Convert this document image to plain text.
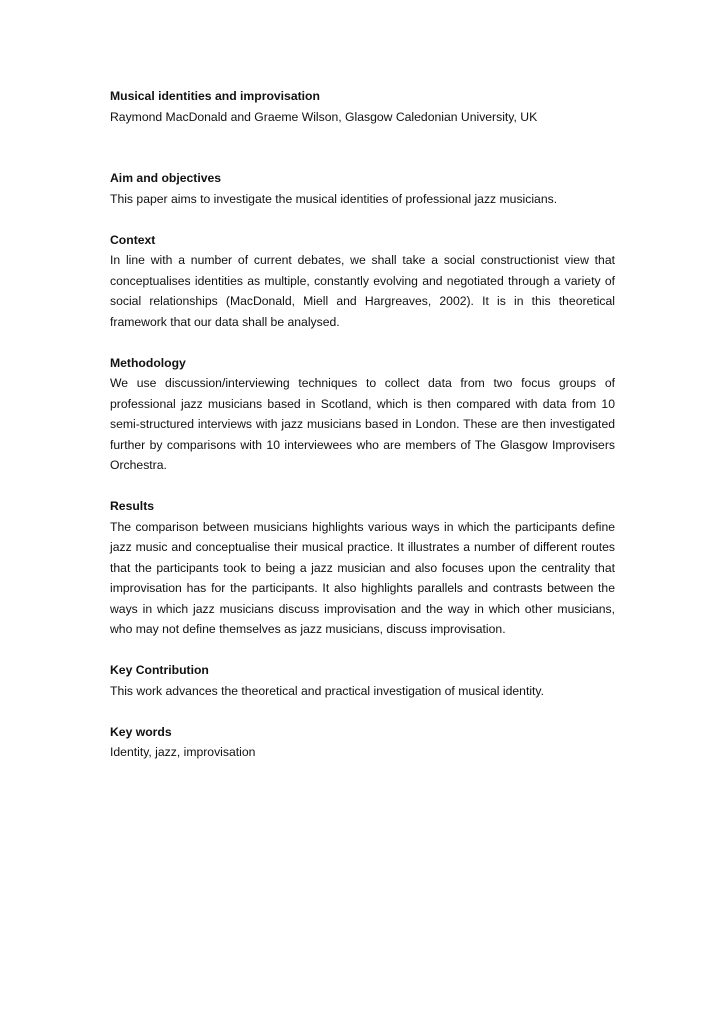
Musical identities and improvisation

Raymond MacDonald and Graeme Wilson, Glasgow Caledonian University, UK

Aim and objectives

This paper aims to investigate the musical identities of professional jazz musicians.

Context

In line with a number of current debates, we shall take a social constructionist view that conceptualises identities as multiple, constantly evolving and negotiated through a variety of social relationships (MacDonald, Miell and Hargreaves, 2002). It is in this theoretical framework that our data shall be analysed.

Methodology

We use discussion/interviewing techniques to collect data from two focus groups of professional jazz musicians based in Scotland, which is then compared with data from 10 semi-structured interviews with jazz musicians based in London. These are then investigated further by comparisons with 10 interviewees who are members of The Glasgow Improvisers Orchestra.

Results

The comparison between musicians highlights various ways in which the participants define jazz music and conceptualise their musical practice. It illustrates a number of different routes that the participants took to being a jazz musician and also focuses upon the centrality that improvisation has for the participants. It also highlights parallels and contrasts between the ways in which jazz musicians discuss improvisation and the way in which other musicians, who may not define themselves as jazz musicians, discuss improvisation.

Key Contribution

This work advances the theoretical and practical investigation of musical identity.

Key words

Identity, jazz, improvisation
